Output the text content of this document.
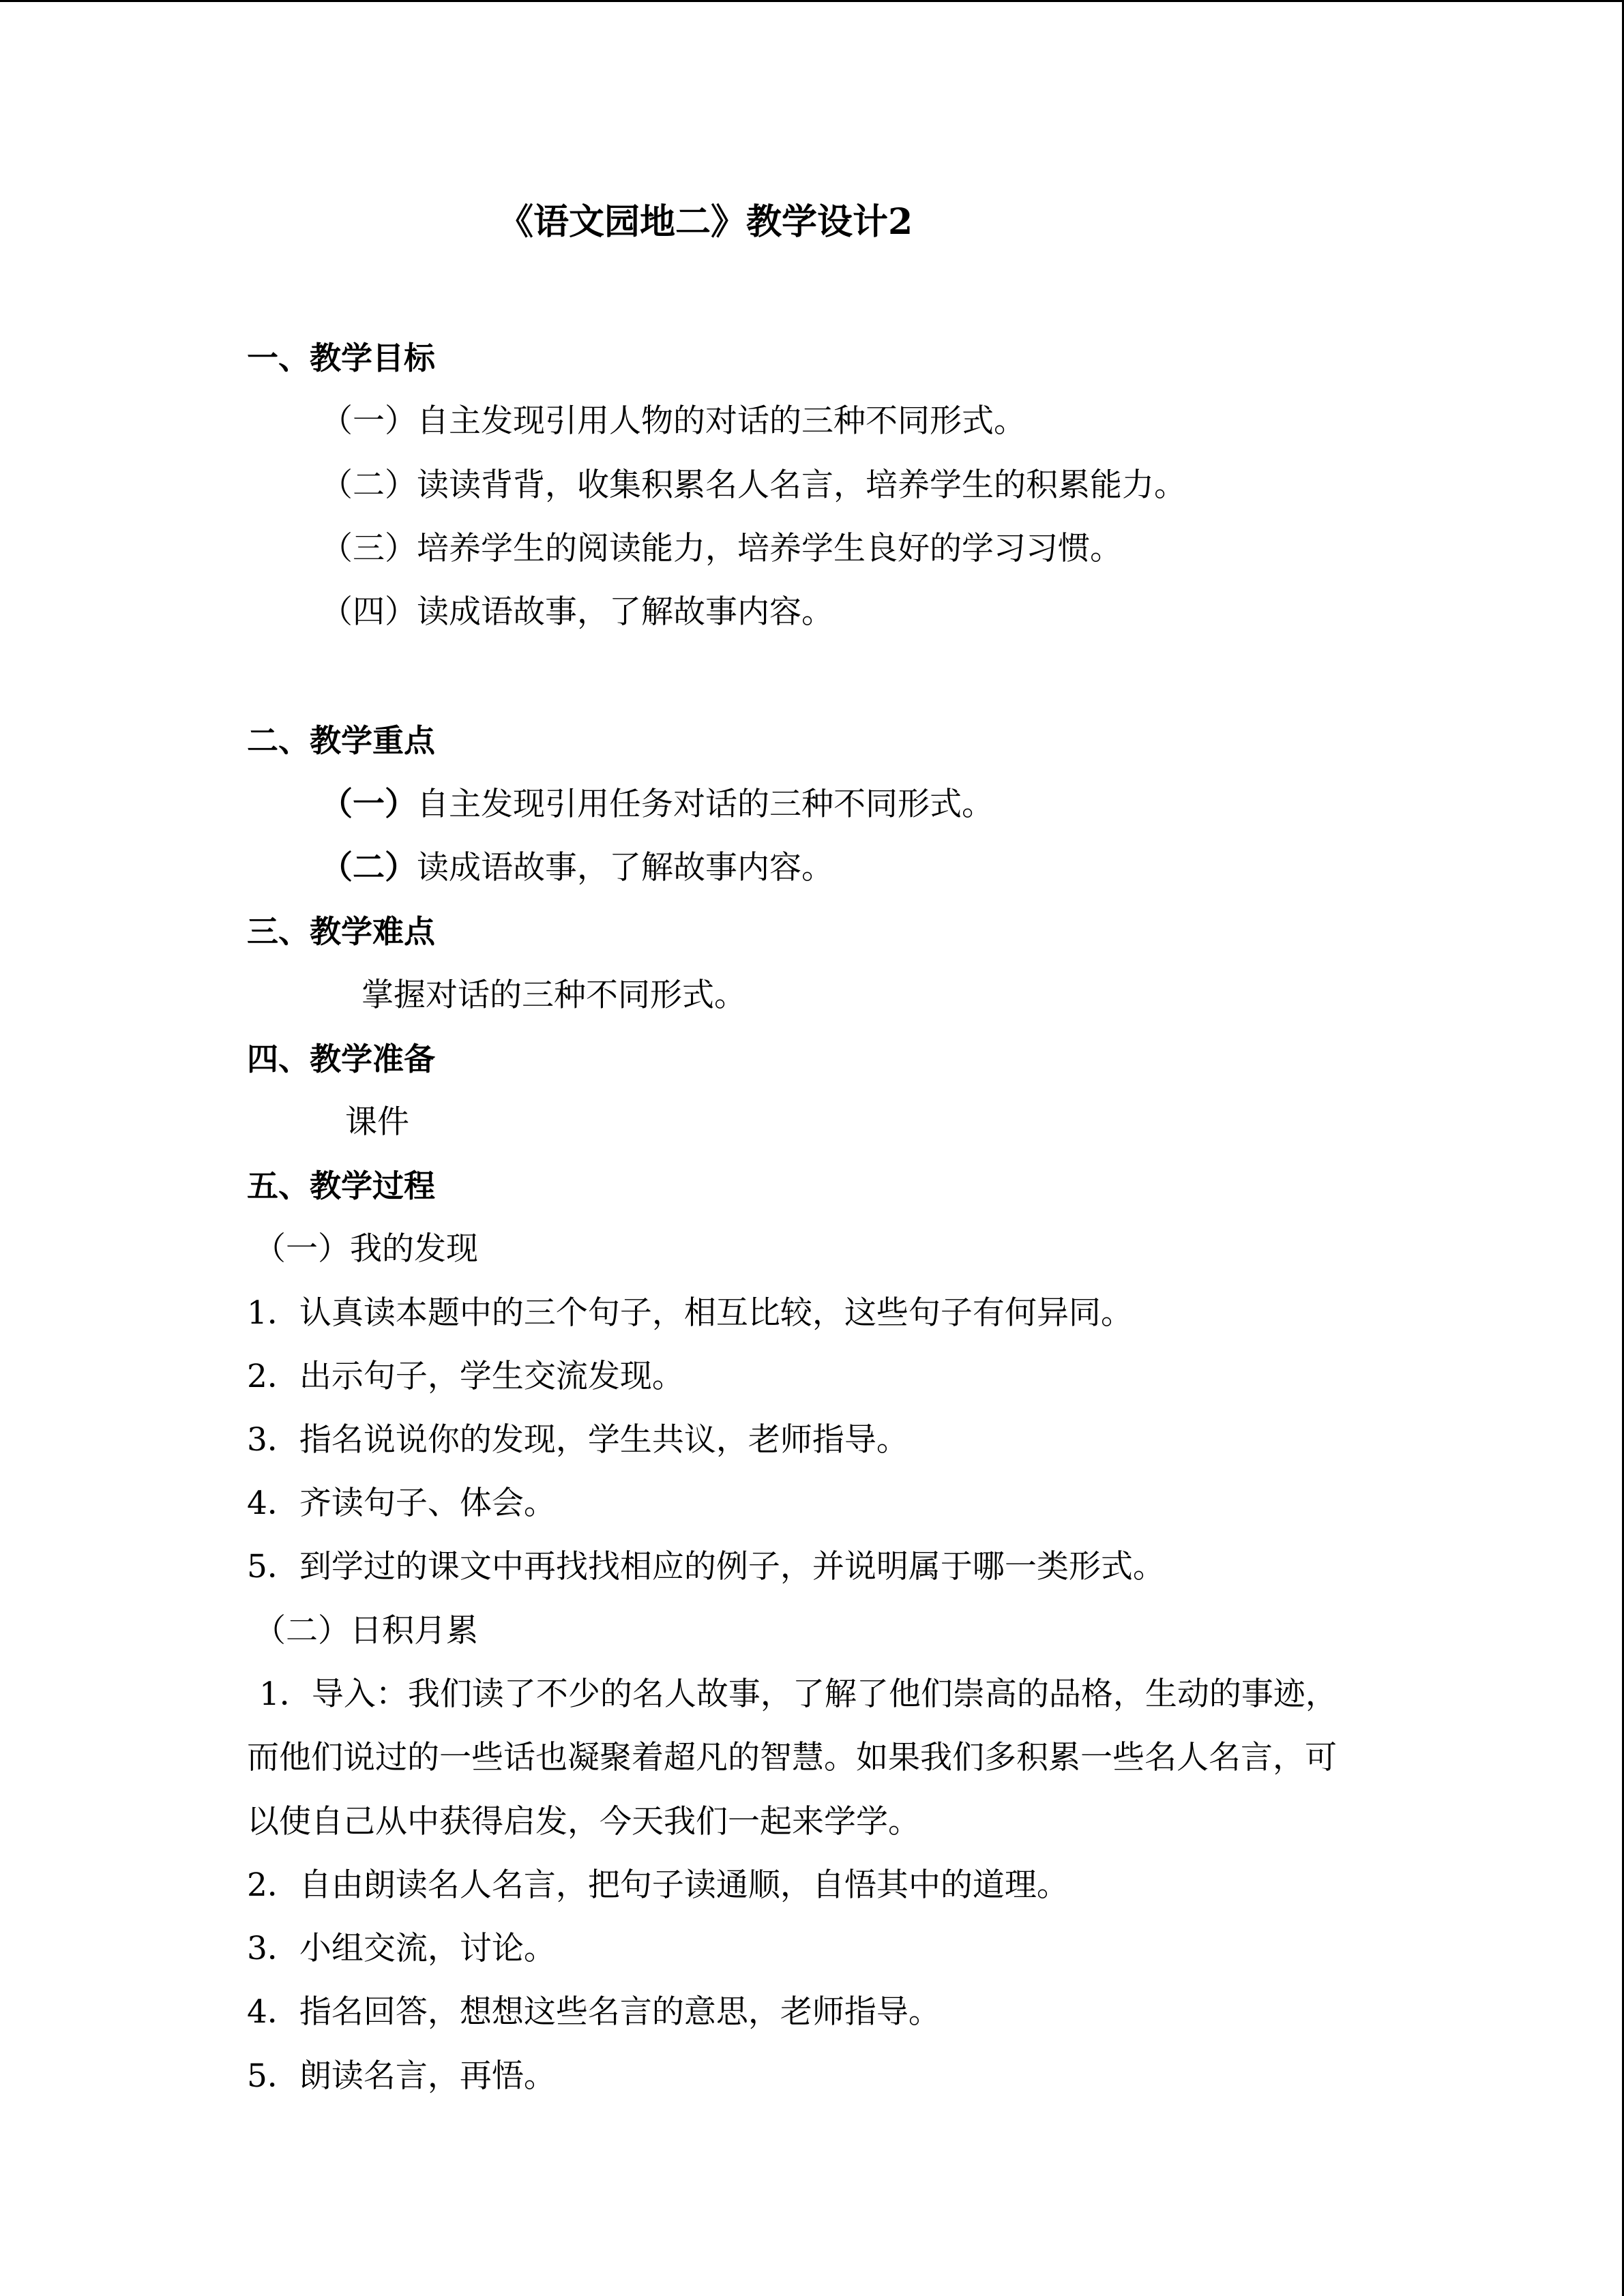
《语文园地二》教学设计2
一、教学目标
（一）自主发现引用人物的对话的三种不同形式。
（二）读读背背，收集积累名人名言，培养学生的积累能力。
（三）培养学生的阅读能力，培养学生良好的学习习惯。
（四）读成语故事，了解故事内容。
二、教学重点
（一）自主发现引用任务对话的三种不同形式。
（二）读成语故事，了解故事内容。
三、教学难点
掌握对话的三种不同形式。
四、教学准备
课件
五、教学过程
（一）我的发现
1．认真读本题中的三个句子，相互比较，这些句子有何异同。
2．出示句子，学生交流发现。
3．指名说说你的发现，学生共议，老师指导。
4．齐读句子、体会。
5．到学过的课文中再找找相应的例子，并说明属于哪一类形式。
（二）日积月累
1．导入：我们读了不少的名人故事，了解了他们崇高的品格，生动的事迹，
而他们说过的一些话也凝聚着超凡的智慧。如果我们多积累一些名人名言，可
以使自己从中获得启发，今天我们一起来学学。
2．自由朗读名人名言，把句子读通顺，自悟其中的道理。
3．小组交流，讨论。
4．指名回答，想想这些名言的意思，老师指导。
5．朗读名言，再悟。
